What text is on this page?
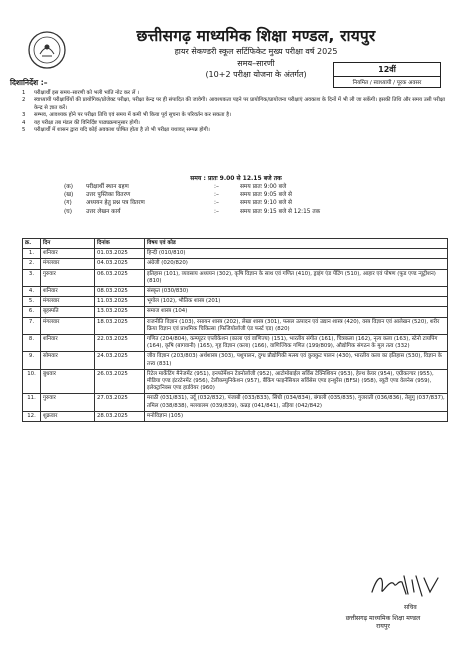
छत्तीसगढ़ माध्यमिक शिक्षा मण्डल, रायपुर
हायर सेकण्डरी स्कूल सर्टिफिकेट मुख्य परीक्षा वर्ष 2025
समय–सारणी
(10+2 परीक्षा योजना के अंतर्गत)
12वीं
नियमित / स्वाध्यायी / पूरक अवसर
दिशानिर्देश :–
1	परीक्षार्थी इस समय–सारणी को भली भांति नोट कर लें ।
2	स्वाध्यायी परीक्षार्थियों की प्रायोगिक/प्रोजेक्ट परीक्षा, परीक्षा केन्द्र पर ही संपादित की जावेगी। आवश्यकता पड़ने पर प्रायोगिक/प्रायोजना परीक्षाएं अवकाश के दिनों में भी ली जा सकेंगी। इसकी तिथि और समय उसी परीक्षा केन्द्र से ज्ञात करें।
3	सम्भव, आवश्यक होने पर परीक्षा तिथि एवं समय में कमी भी किया पूर्व सूचना के परिवर्तन कर सकता है।
4	यह परीक्षा तब मंडल की विनिर्दिष्ट पाठ्यक्रमानुसार होगी।
5	परीक्षार्थी में शासन द्वारा यदि कोई अवकाश घोषित होता है तो भी परीक्षा यथावत् सम्पन्न होगी।
समय : प्रातः 9.00 से 12.15 बजे तक
(क)	परीक्षार्थी स्थान ग्रहण	:–	समय प्रातः 9:00 बजे
(ख)	उत्तर पुस्तिका वितरण	:–	समय प्रातः 9:05 बजे से
(ग)	अध्ययन हेतु प्रश्न पत्र वितरण	:–	समय प्रातः 9:10 बजे से
(घ)	उत्तर लेखन कार्य	:–	समय प्रातः 9:15 बजे से 12:15 तक
क्र.	दिन	दिनांक	विषय एवं कोड
1.	शनिवार	01.03.2025	हिन्दी (010/810)
2.	मंगलवार	04.03.2025	अंग्रेजी (020/820)
3.	गुरुवार	06.03.2025	इतिहास (101), व्यवसाय अध्ययन (302), कृषि विज्ञान के साथ एवं गणित (410), ड्राइंग एंड पेंटिंग (510), आहार एवं पोषण (फूड एण्ड न्यूट्रीशन) (810)
4.	शनिवार	08.03.2025	संस्कृत (030/830)
5.	मंगलवार	11.03.2025	भूगोल (102), भौतिक शास्त्र (201)
6.	बृहस्पति	13.03.2025	समाज शास्त्र (104)
7.	मंगलवार	18.03.2025	राजनीति विज्ञान (103), रसायन शास्त्र (202), लेखा शास्त्र (301), फसल उत्पादन एवं उद्यान शास्त्र (420), वस्त्र विज्ञान एवं आलेखन (520), शरीर क्रिया विज्ञान एवं प्राथमिक चिकित्सा (फिजियोलॉजी एंड फर्स्ट एड) (820)
8.	शनिवार	22.03.2025	गणित (204/804), कम्प्यूटर एप्लीकेशन (काला एवं वाणिज्य) (151), भारतीय संगीत (161), चित्रकला (162), नृत्य कला (163), स्टेनो टायपिंग (164), कृषि (बागवानी) (165), गृह विज्ञान (कला) (166), वाणिज्यिक गणित (199/809), औद्योगिक संगठन के मूल तत्व (332)
9.	सोमवार	24.03.2025	जीव विज्ञान (203/803) अर्थशास्त्र (303), पशुपालन, दुग्ध प्रौद्योगिकी मत्स्य एवं कुक्कुट पालन (430), भारतीय कला का इतिहास (530), विज्ञान के तत्त्व (831)
10.	बुधवार	26.03.2025	रिटेल मार्केटिंग मैनेजमेंट (951), इनफॉर्मेशन टेक्नोलॉजी (952), आटोमोबाईल सर्विस टेक्निशियन (953), हेल्थ केयर (954), एग्रीकल्चर (955), मीडिया एण्ड इंटरटेनमेंट (956), टेलीकम्युनिकेशन (957), बैंकिंग फाइनेंसियल सर्विसेस एण्ड इन्शुरेंस (BFSI) (958), ब्यूटी एण्ड वेलनेस (959), इलेक्ट्रानिक्स एण्ड हार्डवेयर (960)
11.	गुरुवार	27.03.2025	मराठी (031/831), उर्दू (032/832), पंजाबी (033/833), सिंधी (034/834), बंगाली (035/835), गुजराती (036/836), तेलुगु (037/837), तमिल (038/838), मलयालम (039/839), कन्नड़ (041/841), उड़िया (042/842)
12.	शुक्रवार	28.03.2025	मनोविज्ञान (105)
सचिव
छत्तीसगढ़ माध्यमिक शिक्षा मण्डल
रायपुर
